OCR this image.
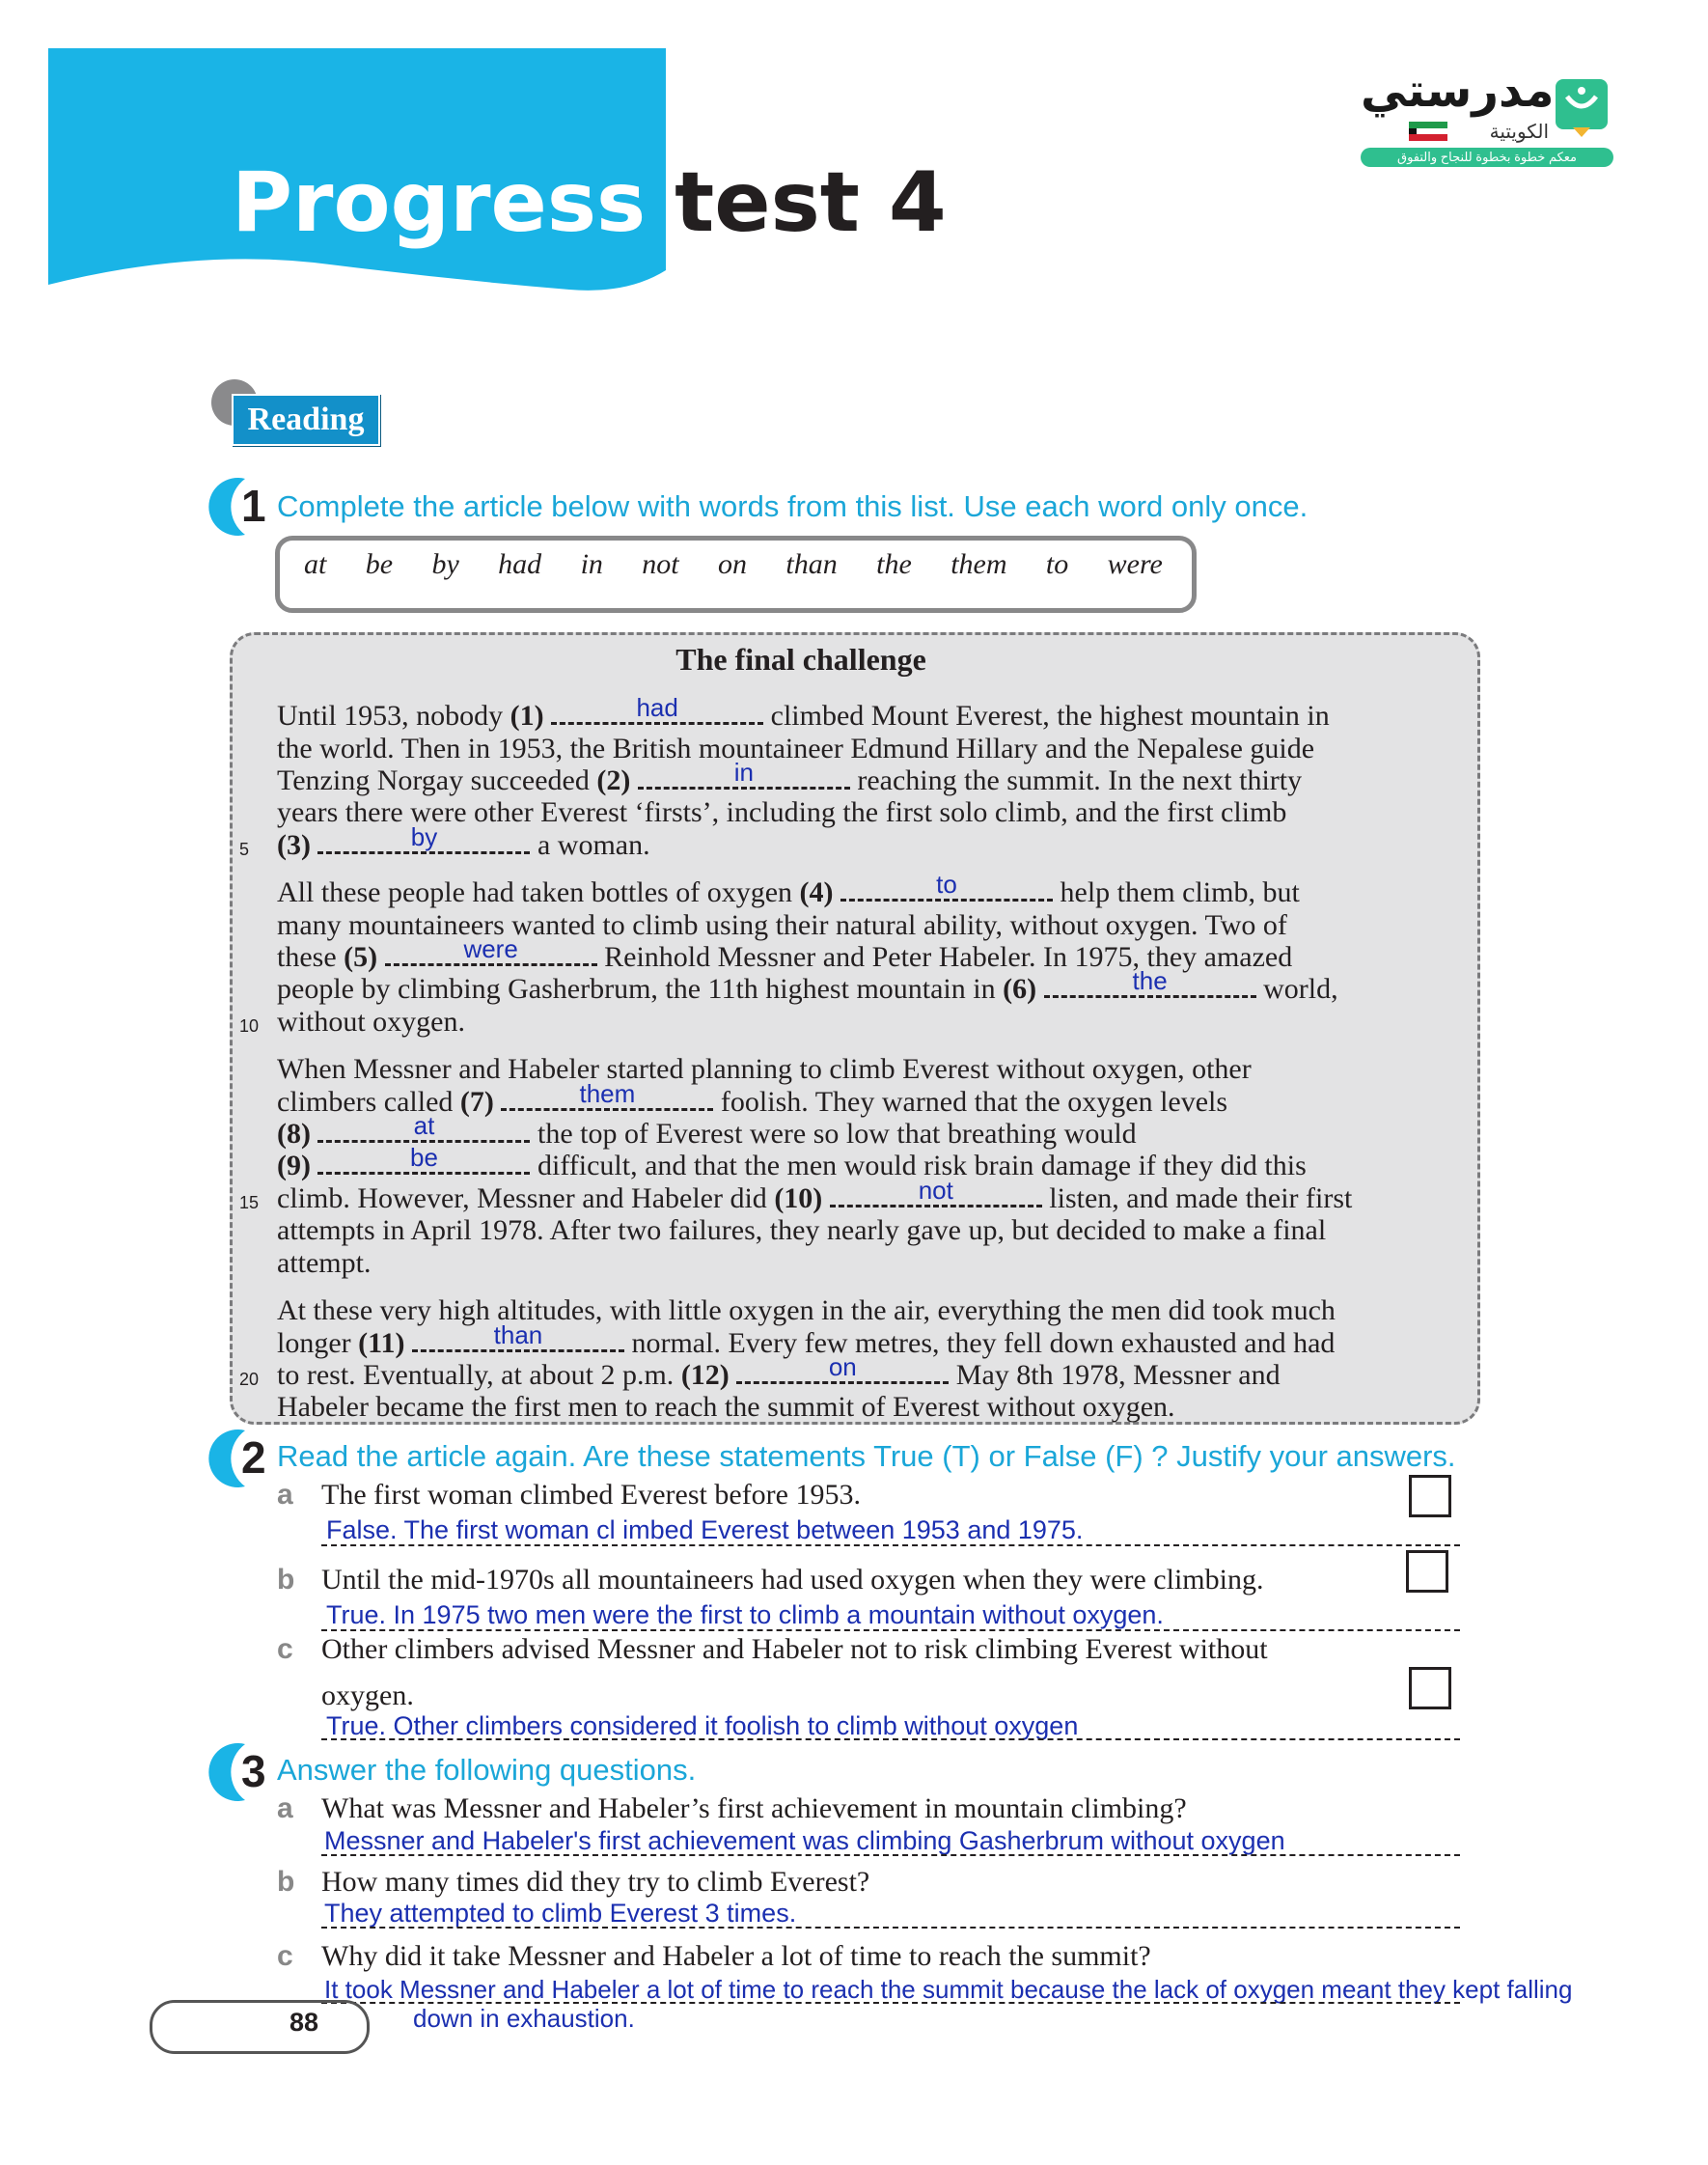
Progress test 4
مدرستي
الكويتية
معكم خطوة بخطوة للنجاح والتفوق
Reading
1 Complete the article below with words from this list. Use each word only once.
at be by had in not on than the them to were
The final challenge
Until 1953, nobody (1)	had	climbed Mount Everest, the highest mountain in
the world. Then in 1953, the British mountaineer Edmund Hillary and the Nepalese guide
Tenzing Norgay succeeded (2)	in	reaching the summit. In the next thirty
years there were other Everest ‘firsts’, including the first solo climb, and the first climb
(3)	by	a woman.
5
All these people had taken bottles of oxygen (4)	to	help them climb, but
many mountaineers wanted to climb using their natural ability, without oxygen. Two of
these (5)	were	Reinhold Messner and Peter Habeler. In 1975, they amazed
people by climbing Gasherbrum, the 11th highest mountain in (6)	the	world,
without oxygen.
10
When Messner and Habeler started planning to climb Everest without oxygen, other
climbers called (7)	them	foolish. They warned that the oxygen levels
(8)	at	the top of Everest were so low that breathing would
(9)	be	difficult, and that the men would risk brain damage if they did this
climb. However, Messner and Habeler did (10)	not	listen, and made their first
15
attempts in April 1978. After two failures, they nearly gave up, but decided to make a final
attempt.
At these very high altitudes, with little oxygen in the air, everything the men did took much
longer (11)	than	normal. Every few metres, they fell down exhausted and had
to rest. Eventually, at about 2 p.m. (12)	on	May 8th 1978, Messner and
20
Habeler became the first men to reach the summit of Everest without oxygen.
2 Read the article again. Are these statements True (T) or False (F) ? Justify your answers.
a The first woman climbed Everest before 1953.
False. The first woman cl imbed Everest between 1953 and 1975.
b Until the mid-1970s all mountaineers had used oxygen when they were climbing.
True. In 1975 two men were the first to climb a mountain without oxygen.
c Other climbers advised Messner and Habeler not to risk climbing Everest without
oxygen.
True. Other climbers considered it foolish to climb without oxygen
3 Answer the following questions.
a What was Messner and Habeler’s first achievement in mountain climbing?
Messner and Habeler's first achievement was climbing Gasherbrum without oxygen
b How many times did they try to climb Everest?
They attempted to climb Everest 3 times.
c Why did it take Messner and Habeler a lot of time to reach the summit?
It took Messner and Habeler a lot of time to reach the summit because the lack of oxygen meant they kept falling
down in exhaustion.
88
